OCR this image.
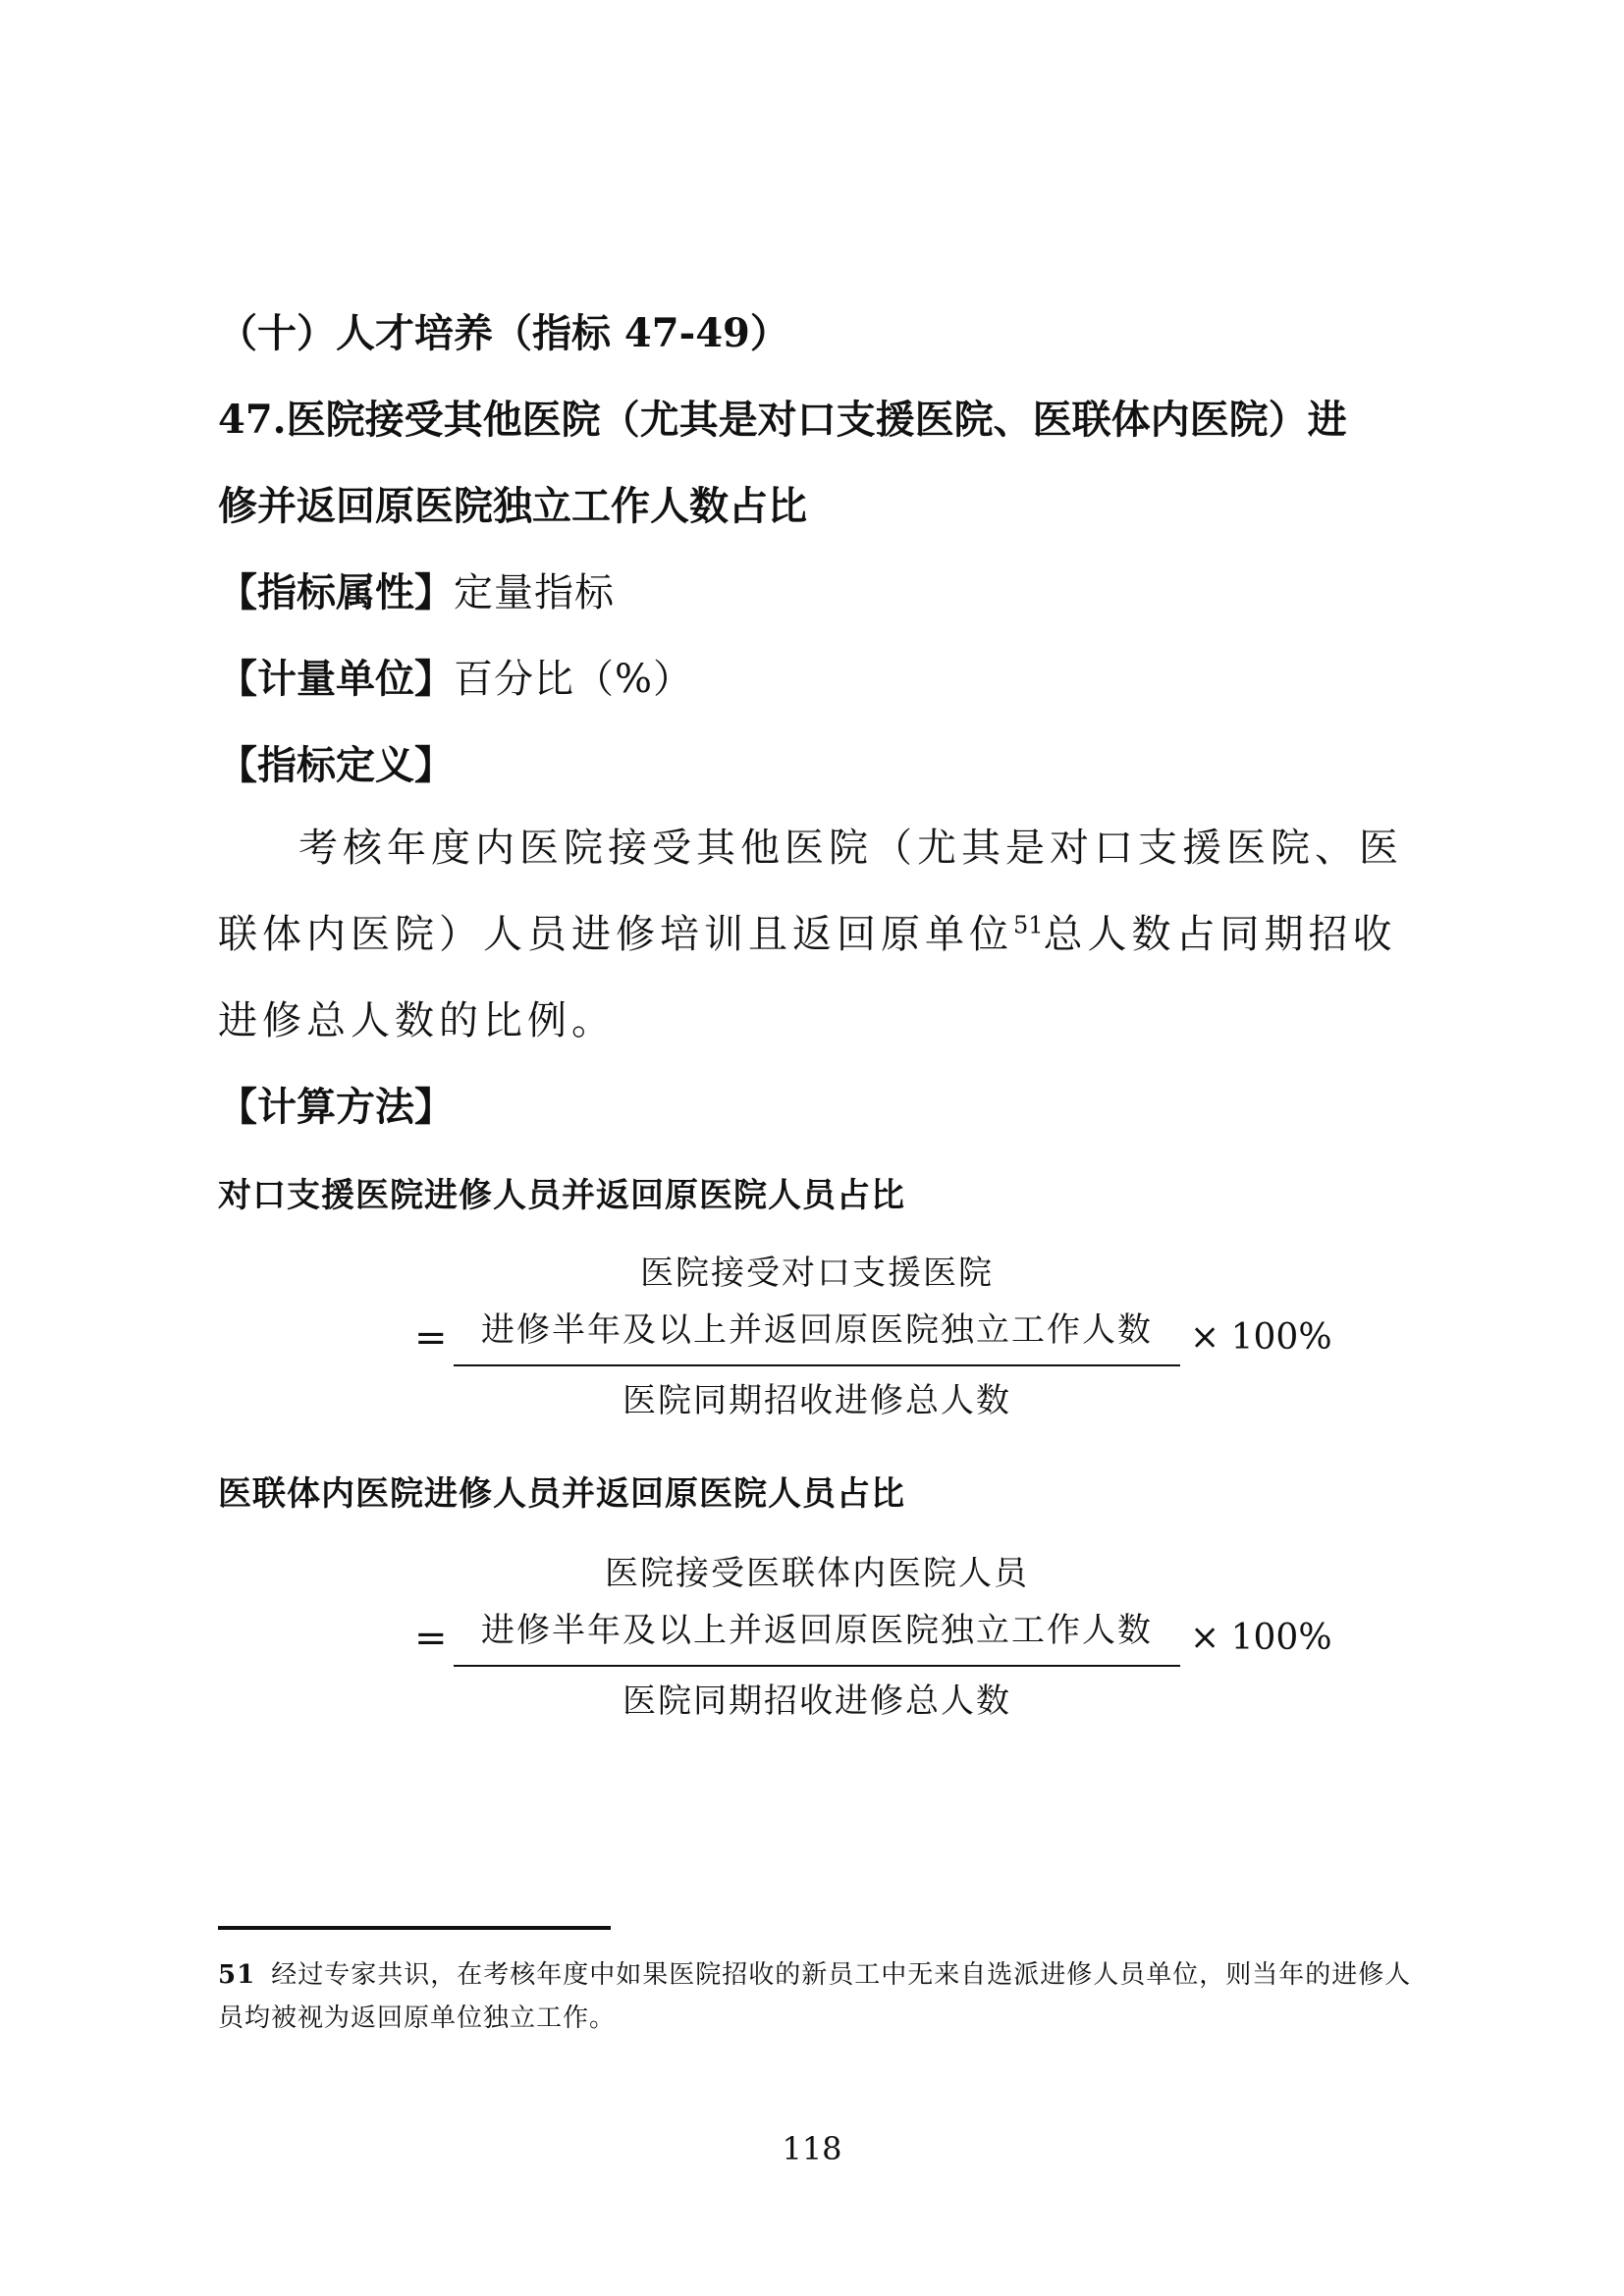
（十）人才培养（指标 47-49）
47.医院接受其他医院（尤其是对口支援医院、医联体内医院）进
修并返回原医院独立工作人数占比
【指标属性】定量指标
【计量单位】百分比（%）
【指标定义】
考核年度内医院接受其他医院（尤其是对口支援医院、医联体内医院）人员进修培训且返回原单位$^{51}$总人数占同期招收进修总人数的比例。
【计算方法】
对口支援医院进修人员并返回原医院人员占比
=
医院接受对口支援医院
进修半年及以上并返回原医院独立工作人数
医院同期招收进修总人数
× 100%
医联体内医院进修人员并返回原医院人员占比
=
医院接受医联体内医院人员
进修半年及以上并返回原医院独立工作人数
医院同期招收进修总人数
× 100%
51 经过专家共识，在考核年度中如果医院招收的新员工中无来自选派进修人员单位，则当年的进修人员均被视为返回原单位独立工作。
118
